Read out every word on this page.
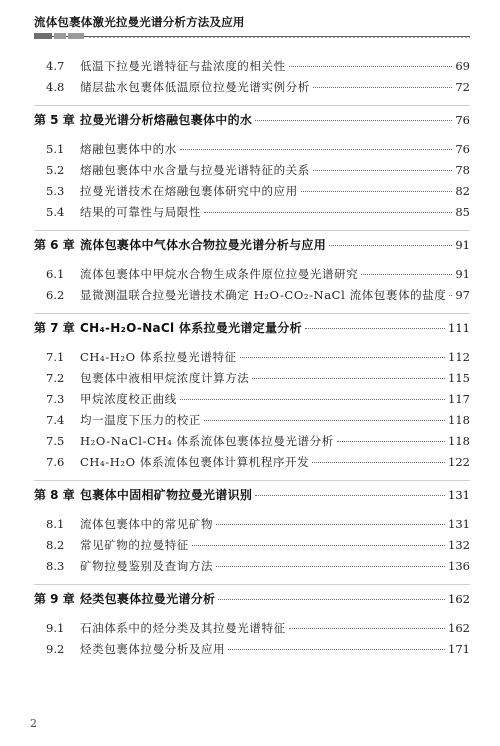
流体包裹体激光拉曼光谱分析方法及应用
4.7	低温下拉曼光谱特征与盐浓度的相关性	69
4.8	储层盐水包裹体低温原位拉曼光谱实例分析	72
第 5 章 拉曼光谱分析熔融包裹体中的水	76
5.1	熔融包裹体中的水	76
5.2	熔融包裹体中水含量与拉曼光谱特征的关系	78
5.3	拉曼光谱技术在熔融包裹体研究中的应用	82
5.4	结果的可靠性与局限性	85
第 6 章 流体包裹体中气体水合物拉曼光谱分析与应用	91
6.1	流体包裹体中甲烷水合物生成条件原位拉曼光谱研究	91
6.2	显微测温联合拉曼光谱技术确定 H₂O-CO₂-NaCl 流体包裹体的盐度 97
第 7 章 CH₄-H₂O-NaCl 体系拉曼光谱定量分析	111
7.1	CH₄-H₂O 体系拉曼光谱特征	112
7.2	包裹体中液相甲烷浓度计算方法	115
7.3	甲烷浓度校正曲线	117
7.4	均一温度下压力的校正	118
7.5	H₂O-NaCl-CH₄ 体系流体包裹体拉曼光谱分析	118
7.6	CH₄-H₂O 体系流体包裹体计算机程序开发	122
第 8 章 包裹体中固相矿物拉曼光谱识别	131
8.1	流体包裹体中的常见矿物	131
8.2	常见矿物的拉曼特征	132
8.3	矿物拉曼鉴别及查询方法	136
第 9 章 烃类包裹体拉曼光谱分析	162
9.1	石油体系中的烃分类及其拉曼光谱特征	162
9.2	烃类包裹体拉曼分析及应用	171
2
